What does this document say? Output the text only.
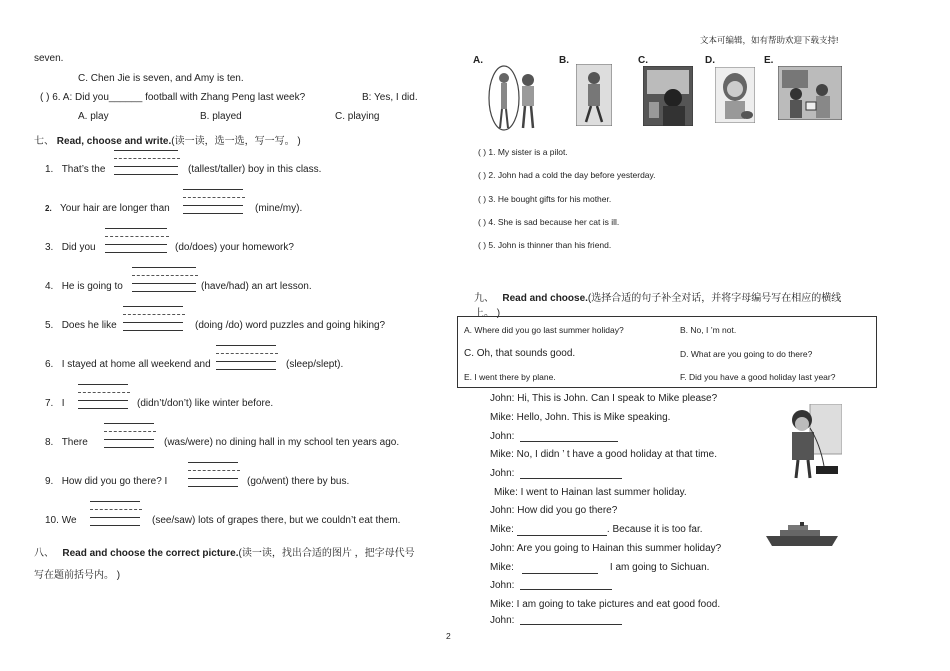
文本可编辑，如有帮助欢迎下载支持!
seven.
C. Chen Jie is seven, and Amy is ten.
( ) 6. A: Did you______ football with Zhang Peng last week?	B: Yes, I did.
A. play	B. played	C. playing
七、 Read, choose and write.(读一读，选一选，写一写。 )
1. That’s the	(tallest/taller) boy in this class.
2. Your hair are longer than	(mine/my).
3. Did you	(do/does) your homework?
4. He is going to	(have/had) an art lesson.
5. Does he like	(doing /do) word puzzles and going hiking?
6. I stayed at home all weekend and	(sleep/slept).
7. I	(didn’t/don’t) like winter before.
8. There	(was/were) no dining hall in my school ten years ago.
9. How did you go there? I	(go/went) there by bus.
10. We	(see/saw) lots of grapes there, but we couldn’t eat them.
八、 Read and choose the correct picture.(读一读，找出合适的图片 ，把字母代号
写在题前括号内。 )
A.	B.	C.	D.	E.
( ) 1. My sister is a pilot.
( ) 2. John had a cold the day before yesterday.
( ) 3. He bought gifts for his mother.
( ) 4. She is sad because her cat is ill.
( ) 5. John is thinner than his friend.
九、 Read and choose.(选择合适的句子补全对话，并将字母编号写在相应的横线
上。 )
A. Where did you go last summer holiday?	B. No, I ’m not.
C. Oh, that sounds good.	D. What are you going to do there?
E. I went there by plane.	F. Did you have a good holiday last year?
John: Hi, This is John. Can I speak to Mike please?
Mike: Hello, John. This is Mike speaking.
John:
Mike: No, I didn ’ t have a good holiday at that time.
John:
Mike: I went to Hainan last summer holiday.
John: How did you go there?
Mike:	. Because it is too far.
John: Are you going to Hainan this summer holiday?
Mike:	I am going to Sichuan.
John:
Mike: I am going to take pictures and eat good food.
John:
2
